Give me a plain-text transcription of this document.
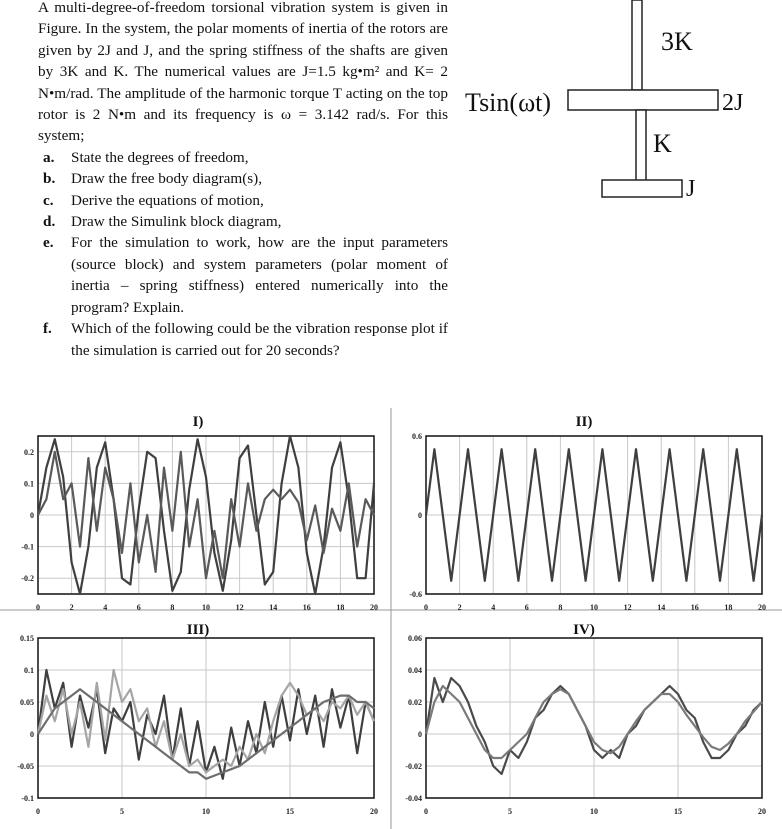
A multi-degree-of-freedom torsional vibration system is given in Figure. In the system, the polar moments of inertia of the rotors are given by 2J and J, and the spring stiffness of the shafts are given by 3K and K. The numerical values are J=1.5 kg•m² and K= 2 N•m/rad. The amplitude of the harmonic torque T acting on the top rotor is 2 N•m and its frequency is ω = 3.142 rad/s. For this system;

a. State the degrees of freedom,
b. Draw the free body diagram(s),
c. Derive the equations of motion,
d. Draw the Simulink block diagram,
e. For the simulation to work, how are the input parameters (source block) and system parameters (polar moment of inertia – spring stiffness) entered numerically into the program? Explain.
f. Which of the following could be the vibration response plot if the simulation is carried out for 20 seconds?
3K
Tsin(ωt)	2J
K
J
I)
0	2	4	6	8	10	12	14	16	18	20
0.2
0.1
0
-0.1
-0.2
II)
0	2	4	6	8	10	12	14	16	18	20
0.6
0
-0.6
III)
0	5	10	15	20
0.15
0.1
0.05
0
-0.05
-0.1
IV)
0	5	10	15	20
0.06
0.04
0.02
0
-0.02
-0.04
